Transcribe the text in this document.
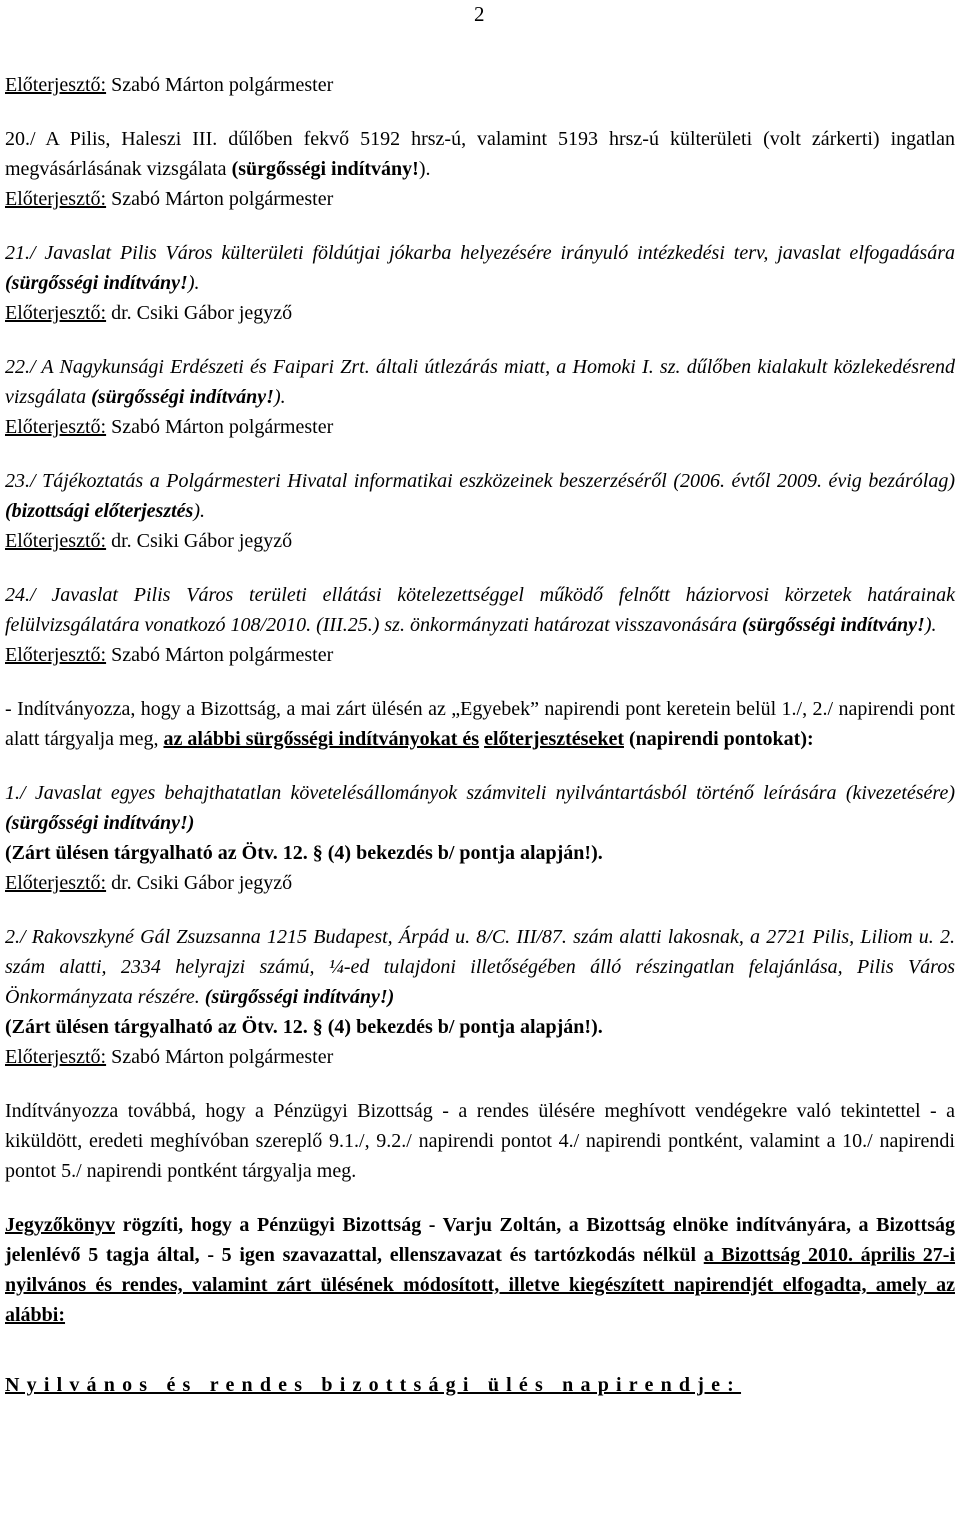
2
Előterjesztő: Szabó Márton polgármester
20./ A Pilis, Haleszi III. dűlőben fekvő 5192 hrsz-ú, valamint 5193 hrsz-ú külterületi (volt zárkerti) ingatlan megvásárlásának vizsgálata (sürgősségi indítvány!).
Előterjesztő: Szabó Márton polgármester
21./ Javaslat Pilis Város külterületi földútjai jókarba helyezésére irányuló intézkedési terv, javaslat elfogadására (sürgősségi indítvány!).
Előterjesztő: dr. Csiki Gábor jegyző
22./ A Nagykunsági Erdészeti és Faipari Zrt. általi útlezárás miatt, a Homoki I. sz. dűlőben kialakult közlekedésrend vizsgálata (sürgősségi indítvány!).
Előterjesztő: Szabó Márton polgármester
23./ Tájékoztatás a Polgármesteri Hivatal informatikai eszközeinek beszerzéséről (2006. évtől 2009. évig bezárólag) (bizottsági előterjesztés).
Előterjesztő: dr. Csiki Gábor jegyző
24./ Javaslat Pilis Város területi ellátási kötelezettséggel működő felnőtt háziorvosi körzetek határainak felülvizsgálatára vonatkozó 108/2010. (III.25.) sz. önkormányzati határozat visszavonására (sürgősségi indítvány!).
Előterjesztő: Szabó Márton polgármester
- Indítványozza, hogy a Bizottság, a mai zárt ülésén az „Egyebek” napirendi pont keretein belül 1./, 2./ napirendi pont alatt tárgyalja meg, az alábbi sürgősségi indítványokat és előterjesztéseket (napirendi pontokat):
1./ Javaslat egyes behajthatatlan követelésállományok számviteli nyilvántartásból történő leírására (kivezetésére) (sürgősségi indítvány!)
(Zárt ülésen tárgyalható az Ötv. 12. § (4) bekezdés b/ pontja alapján!).
Előterjesztő: dr. Csiki Gábor jegyző
2./ Rakovszkyné Gál Zsuzsanna 1215 Budapest, Árpád u. 8/C. III/87. szám alatti lakosnak, a 2721 Pilis, Liliom u. 2. szám alatti, 2334 helyrajzi számú, ¼-ed tulajdoni illetőségében álló részingatlan felajánlása, Pilis Város Önkormányzata részére. (sürgősségi indítvány!)
(Zárt ülésen tárgyalható az Ötv. 12. § (4) bekezdés b/ pontja alapján!).
Előterjesztő: Szabó Márton polgármester
Indítványozza továbbá, hogy a Pénzügyi Bizottság - a rendes ülésére meghívott vendégekre való tekintettel - a kiküldött, eredeti meghívóban szereplő 9.1./, 9.2./ napirendi pontot 4./ napirendi pontként, valamint a 10./ napirendi pontot 5./ napirendi pontként tárgyalja meg.
Jegyzőkönyv rögzíti, hogy a Pénzügyi Bizottság - Varju Zoltán, a Bizottság elnöke indítványára, a Bizottság jelenlévő 5 tagja által, - 5 igen szavazattal, ellenszavazat és tartózkodás nélkül a Bizottság 2010. április 27-i nyilvános és rendes, valamint zárt ülésének módosított, illetve kiegészített napirendjét elfogadta, amely az alábbi:
Nyilvános és rendes bizottsági ülés napirendje:
